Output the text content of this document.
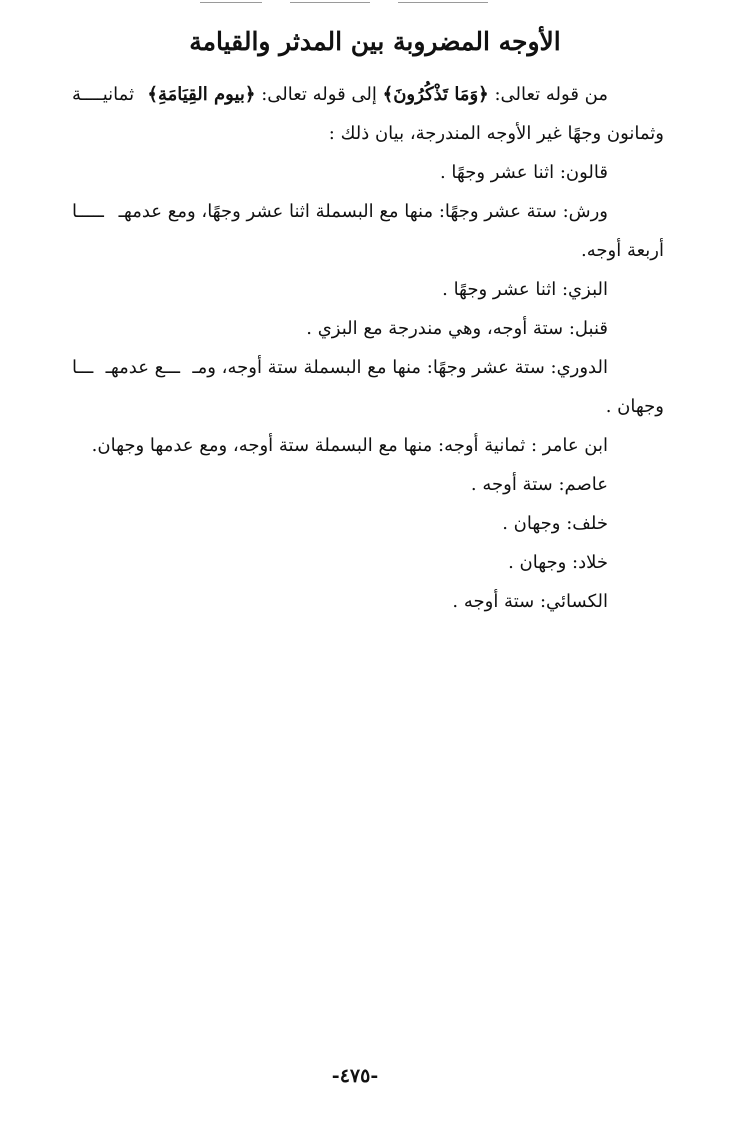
الأوجه المضروبة بين المدثر والقيامة
من قوله تعالى: ﴿وَمَا تَذْكُرُونَ﴾ إلى قوله تعالى: ﴿بيوم القِيَامَةِ﴾
ثمانيــــة
وثمانون وجهًا غير الأوجه المندرجة، بيان ذلك :
قالون: اثنا عشر وجهًا .
ورش: ستة عشر وجهًا: منها مع البسملة اثنا عشر وجهًا، ومع عدمهـ
ـــــا
أربعة أوجه.
البزي: اثنا عشر وجهًا .
قنبل: ستة أوجه، وهي مندرجة مع البزي .
الدوري: ستة عشر وجهًا: منها مع البسملة ستة أوجه، ومـ
ـــع عدمهـ
ـــا
وجهان .
ابن عامر : ثمانية أوجه: منها مع البسملة ستة أوجه، ومع عدمها وجهان.
عاصم: ستة أوجه .
خلف: وجهان .
خلاد: وجهان .
الكسائي: ستة أوجه .
-٤٧٥-
